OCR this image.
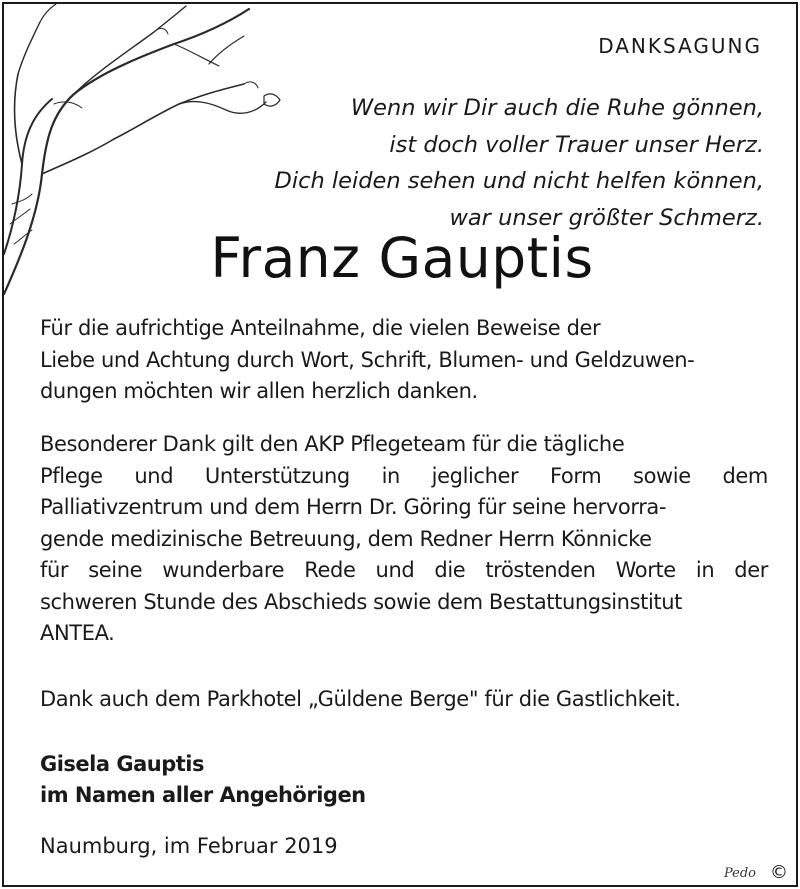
DANKSAGUNG
Wenn wir Dir auch die Ruhe gönnen,
ist doch voller Trauer unser Herz.
Dich leiden sehen und nicht helfen können,
war unser größter Schmerz.
Franz Gauptis
Für die aufrichtige Anteilnahme, die vielen Beweise der
Liebe und Achtung durch Wort, Schrift, Blumen- und Geldzuwen-
dungen möchten wir allen herzlich danken.
Besonderer Dank gilt den AKP Pflegeteam für die tägliche
Pflege und Unterstützung in jeglicher Form sowie dem
Palliativzentrum und dem Herrn Dr. Göring für seine hervorra-
gende medizinische Betreuung, dem Redner Herrn Könnicke
für seine wunderbare Rede und die tröstenden Worte in der
schweren Stunde des Abschieds sowie dem Bestattungsinstitut
ANTEA.
Dank auch dem Parkhotel „Güldene Berge" für die Gastlichkeit.
Gisela Gauptis
im Namen aller Angehörigen
Naumburg, im Februar 2019
Pedo ©
